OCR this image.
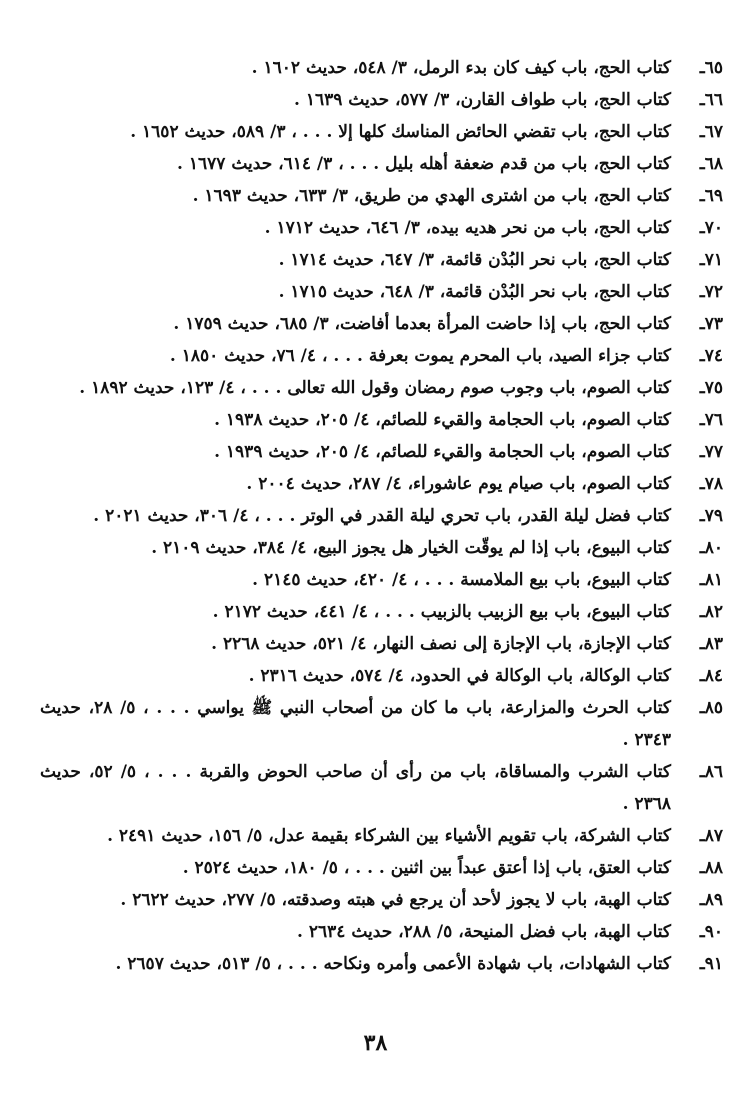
٦٥ـ
كتاب الحج، باب كيف كان بدء الرمل، ٣/ ٥٤٨، حديث ١٦٠٢ .
٦٦ـ
كتاب الحج، باب طواف القارن، ٣/ ٥٧٧، حديث ١٦٣٩ .
٦٧ـ
كتاب الحج، باب تقضي الحائض المناسك كلها إلا . . . ، ٣/ ٥٨٩، حديث ١٦٥٢ .
٦٨ـ
كتاب الحج، باب من قدم ضعفة أهله بليل . . . ، ٣/ ٦١٤، حديث ١٦٧٧ .
٦٩ـ
كتاب الحج، باب من اشترى الهدي من طريق، ٣/ ٦٣٣، حديث ١٦٩٣ .
٧٠ـ
كتاب الحج، باب من نحر هديه بيده، ٣/ ٦٤٦، حديث ١٧١٢ .
٧١ـ
كتاب الحج، باب نحر البُدْن قائمة، ٣/ ٦٤٧، حديث ١٧١٤ .
٧٢ـ
كتاب الحج، باب نحر البُدْن قائمة، ٣/ ٦٤٨، حديث ١٧١٥ .
٧٣ـ
كتاب الحج، باب إذا حاضت المرأة بعدما أفاضت، ٣/ ٦٨٥، حديث ١٧٥٩ .
٧٤ـ
كتاب جزاء الصيد، باب المحرم يموت بعرفة . . . ، ٤/ ٧٦، حديث ١٨٥٠ .
٧٥ـ
كتاب الصوم، باب وجوب صوم رمضان وقول الله تعالى . . . ، ٤/ ١٢٣، حديث ١٨٩٢ .
٧٦ـ
كتاب الصوم، باب الحجامة والقيء للصائم، ٤/ ٢٠٥، حديث ١٩٣٨ .
٧٧ـ
كتاب الصوم، باب الحجامة والقيء للصائم، ٤/ ٢٠٥، حديث ١٩٣٩ .
٧٨ـ
كتاب الصوم، باب صيام يوم عاشوراء، ٤/ ٢٨٧، حديث ٢٠٠٤ .
٧٩ـ
كتاب فضل ليلة القدر، باب تحري ليلة القدر في الوتر . . . ، ٤/ ٣٠٦، حديث ٢٠٢١ .
٨٠ـ
كتاب البيوع، باب إذا لم يوقّت الخيار هل يجوز البيع، ٤/ ٣٨٤، حديث ٢١٠٩ .
٨١ـ
كتاب البيوع، باب بيع الملامسة . . . ، ٤/ ٤٢٠، حديث ٢١٤٥ .
٨٢ـ
كتاب البيوع، باب بيع الزبيب بالزبيب . . . ، ٤/ ٤٤١، حديث ٢١٧٢ .
٨٣ـ
كتاب الإجازة، باب الإجازة إلى نصف النهار، ٤/ ٥٢١، حديث ٢٢٦٨ .
٨٤ـ
كتاب الوكالة، باب الوكالة في الحدود، ٤/ ٥٧٤، حديث ٢٣١٦ .
٨٥ـ
كتاب الحرث والمزارعة، باب ما كان من أصحاب النبي ﷺ يواسي . . . ، ٥/ ٢٨، حديث ٢٣٤٣ .
٨٦ـ
كتاب الشرب والمساقاة، باب من رأى أن صاحب الحوض والقربة . . . ، ٥/ ٥٢، حديث ٢٣٦٨ .
٨٧ـ
كتاب الشركة، باب تقويم الأشياء بين الشركاء بقيمة عدل، ٥/ ١٥٦، حديث ٢٤٩١ .
٨٨ـ
كتاب العتق، باب إذا أعتق عبداً بين اثنين . . . ، ٥/ ١٨٠، حديث ٢٥٢٤ .
٨٩ـ
كتاب الهبة، باب لا يجوز لأحد أن يرجع في هبته وصدقته، ٥/ ٢٧٧، حديث ٢٦٢٢ .
٩٠ـ
كتاب الهبة، باب فضل المنيحة، ٥/ ٢٨٨، حديث ٢٦٣٤ .
٩١ـ
كتاب الشهادات، باب شهادة الأعمى وأمره ونكاحه . . . ، ٥/ ٥١٣، حديث ٢٦٥٧ .
٣٨
